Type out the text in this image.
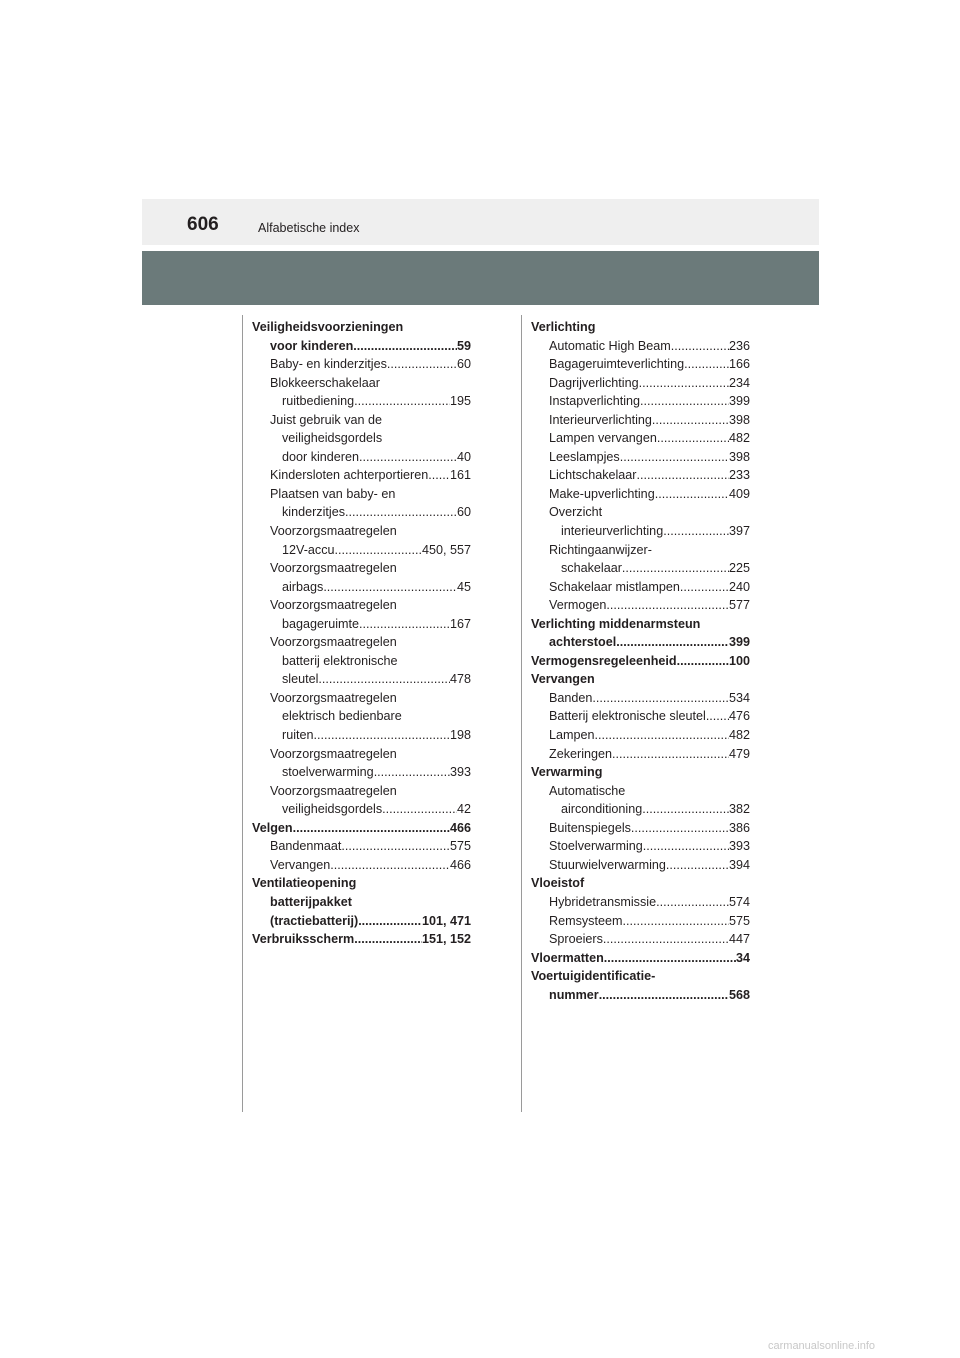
606	Alfabetische index
Veiligheidsvoorzieningen
voor kinderen .....	59
Baby- en kinderzitjes .....	60
Blokkeerschakelaar
ruitbediening .....	195
Juist gebruik van de
veiligheidsgordels
door kinderen .....	40
Kindersloten achterportieren ..... 161
Plaatsen van baby- en
kinderzitjes .....	60
Voorzorgsmaatregelen
12V-accu .....	450, 557
Voorzorgsmaatregelen
airbags .....	45
Voorzorgsmaatregelen
bagageruimte .....	167
Voorzorgsmaatregelen
batterij elektronische
sleutel .....	478
Voorzorgsmaatregelen
elektrisch bedienbare
ruiten .....	198
Voorzorgsmaatregelen
stoelverwarming .....	393
Voorzorgsmaatregelen
veiligheidsgordels .....	42
Velgen .....	466
Bandenmaat .....	575
Vervangen .....	466
Ventilatieopening
batterijpakket
(tractiebatterij) .....	101, 471
Verbruiksscherm .....	151, 152
Verlichting
Automatic High Beam .....	236
Bagageruimteverlichting .....	166
Dagrijverlichting .....	234
Instapverlichting .....	399
Interieurverlichting .....	398
Lampen vervangen .....	482
Leeslampjes .....	398
Lichtschakelaar .....	233
Make-upverlichting .....	409
Overzicht
interieurverlichting .....	397
Richtingaanwijzer-
schakelaar .....	225
Schakelaar mistlampen .....	240
Vermogen .....	577
Verlichting middenarmsteun
achterstoel .....	399
Vermogensregeleenheid .....	100
Vervangen
Banden .....	534
Batterij elektronische sleutel ..... 476
Lampen .....	482
Zekeringen .....	479
Verwarming
Automatische
airconditioning .....	382
Buitenspiegels .....	386
Stoelverwarming .....	393
Stuurwielverwarming .....	394
Vloeistof
Hybridetransmissie .....	574
Remsysteem .....	575
Sproeiers .....	447
Vloermatten .....	34
Voertuigidentificatie-
nummer .....	568
carmanualsonline.info
